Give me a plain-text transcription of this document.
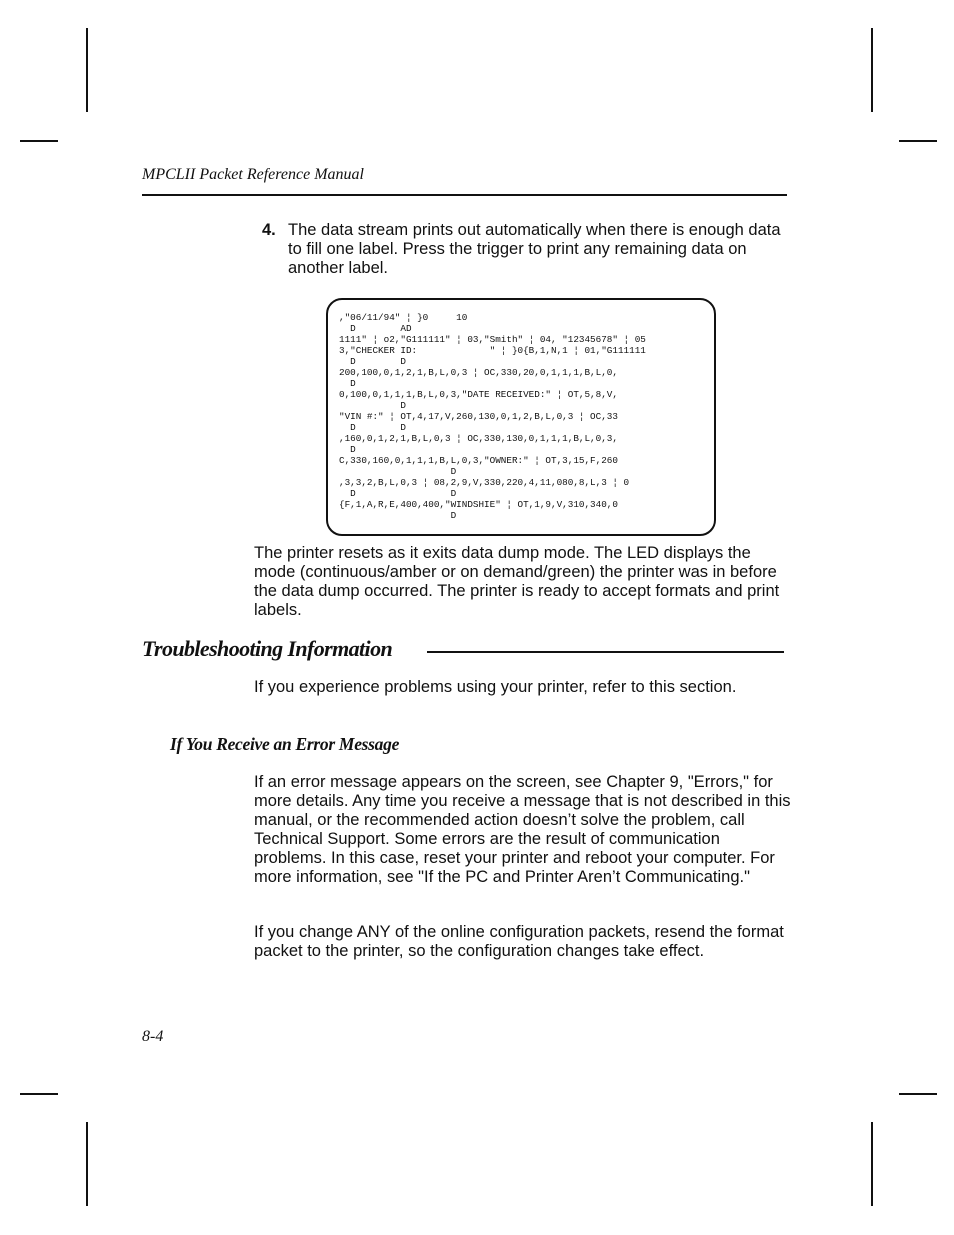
MPCLII Packet Reference Manual
4. The data stream prints out automatically when there is enough data to fill one label. Press the trigger to print any remaining data on another label.
,"06/11/94" ¦ }0     10
D        AD
1111" ¦ o2,"G111111" ¦ 03,"Smith" ¦ 04, "12345678" ¦ 05
3,"CHECKER ID:             " ¦ }0{B,1,N,1 ¦ 01,"G111111
D        D
200,100,0,1,2,1,B,L,0,3 ¦ OC,330,20,0,1,1,1,B,L,0,
D
0,100,0,1,1,1,B,L,0,3,"DATE RECEIVED:" ¦ OT,5,8,V,
D
"VIN #:" ¦ OT,4,17,V,260,130,0,1,2,B,L,0,3 ¦ OC,33
D        D
,160,0,1,2,1,B,L,0,3 ¦ OC,330,130,0,1,1,1,B,L,0,3,
D
C,330,160,0,1,1,1,B,L,0,3,"OWNER:" ¦ OT,3,15,F,260
D
,3,3,2,B,L,0,3 ¦ 08,2,9,V,330,220,4,11,080,8,L,3 ¦ 0
D                 D
{F,1,A,R,E,400,400,"WINDSHIE" ¦ OT,1,9,V,310,340,0
D
The printer resets as it exits data dump mode. The LED displays the mode (continuous/amber or on demand/green) the printer was in before the data dump occurred. The printer is ready to accept formats and print labels.
Troubleshooting Information
If you experience problems using your printer, refer to this section.
If You Receive an Error Message
If an error message appears on the screen, see Chapter 9, "Errors," for more details. Any time you receive a message that is not described in this manual, or the recommended action doesn’t solve the problem, call Technical Support. Some errors are the result of communication problems. In this case, reset your printer and reboot your computer. For more information, see "If the PC and Printer Aren’t Communicating."
If you change ANY of the online configuration packets, resend the format packet to the printer, so the configuration changes take effect.
8-4
